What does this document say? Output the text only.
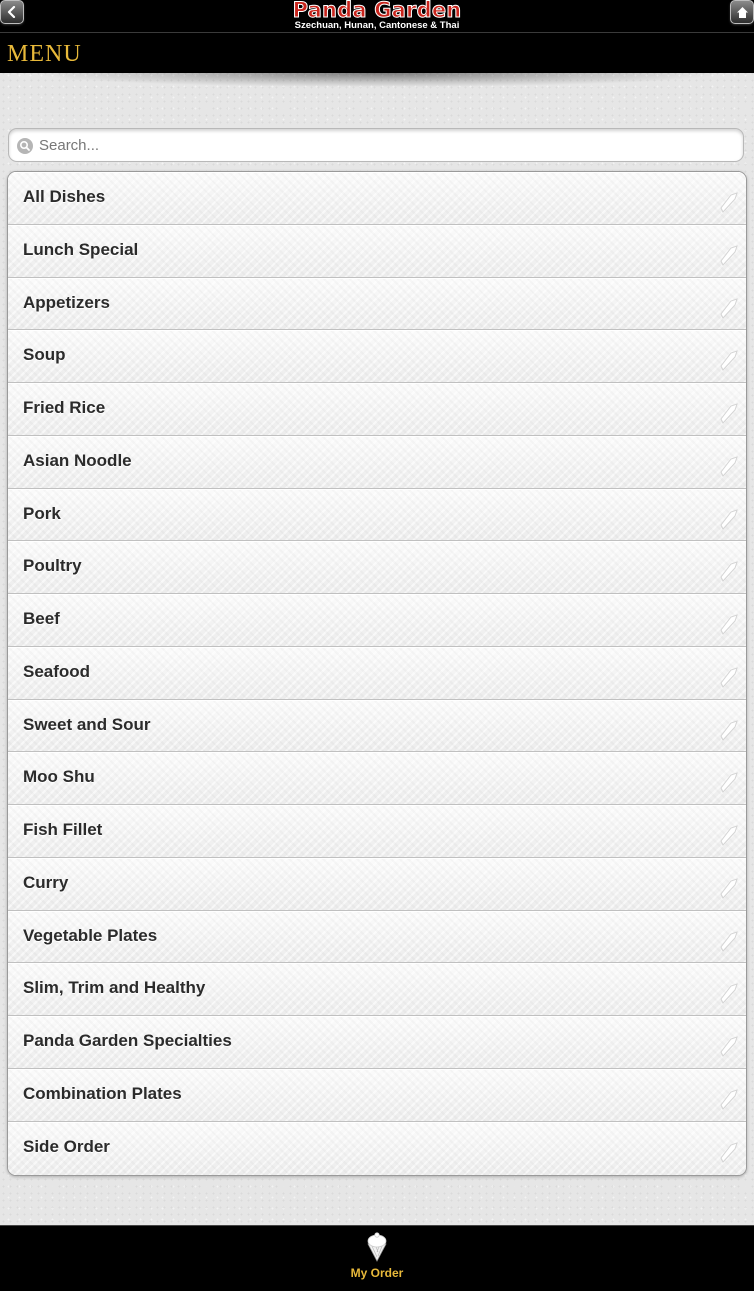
Panda Garden
Szechuan, Hunan, Cantonese & Thai
MENU
Search...
All Dishes
Lunch Special
Appetizers
Soup
Fried Rice
Asian Noodle
Pork
Poultry
Beef
Seafood
Sweet and Sour
Moo Shu
Fish Fillet
Curry
Vegetable Plates
Slim, Trim and Healthy
Panda Garden Specialties
Combination Plates
Side Order
My Order
